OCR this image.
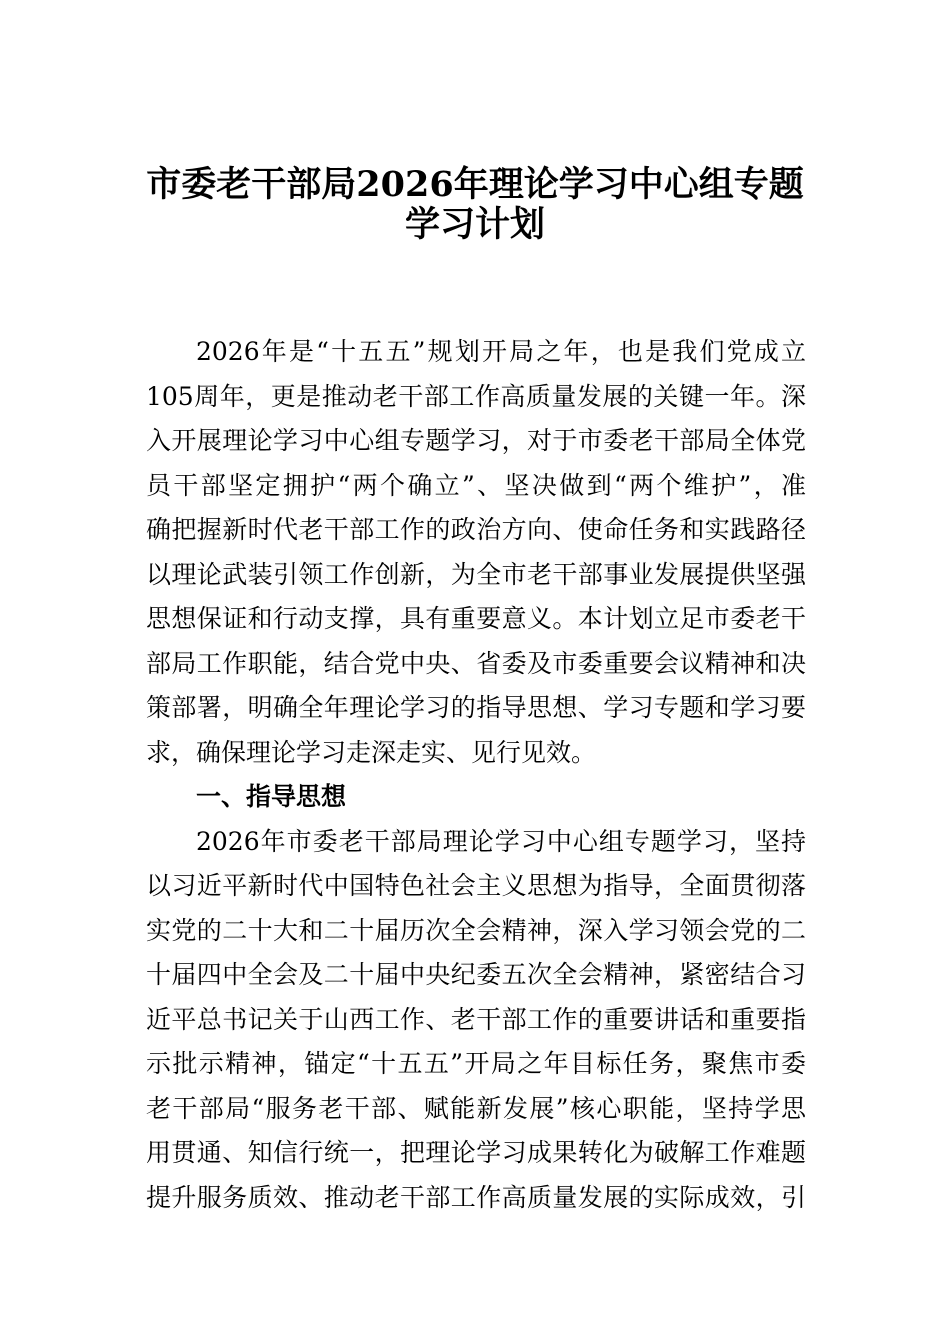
市委老干部局2026年理论学习中心组专题
学习计划
2026年是“十五五”规划开局之年，也是我们党成立
105周年，更是推动老干部工作高质量发展的关键一年。深
入开展理论学习中心组专题学习，对于市委老干部局全体党
员干部坚定拥护“两个确立”、坚决做到“两个维护”，准
确把握新时代老干部工作的政治方向、使命任务和实践路径
以理论武装引领工作创新，为全市老干部事业发展提供坚强
思想保证和行动支撑，具有重要意义。本计划立足市委老干
部局工作职能，结合党中央、省委及市委重要会议精神和决
策部署，明确全年理论学习的指导思想、学习专题和学习要
求，确保理论学习走深走实、见行见效。
一、指导思想
2026年市委老干部局理论学习中心组专题学习，坚持
以习近平新时代中国特色社会主义思想为指导，全面贯彻落
实党的二十大和二十届历次全会精神，深入学习领会党的二
十届四中全会及二十届中央纪委五次全会精神，紧密结合习
近平总书记关于山西工作、老干部工作的重要讲话和重要指
示批示精神，锚定“十五五”开局之年目标任务，聚焦市委
老干部局“服务老干部、赋能新发展”核心职能，坚持学思
用贯通、知信行统一，把理论学习成果转化为破解工作难题
提升服务质效、推动老干部工作高质量发展的实际成效，引
